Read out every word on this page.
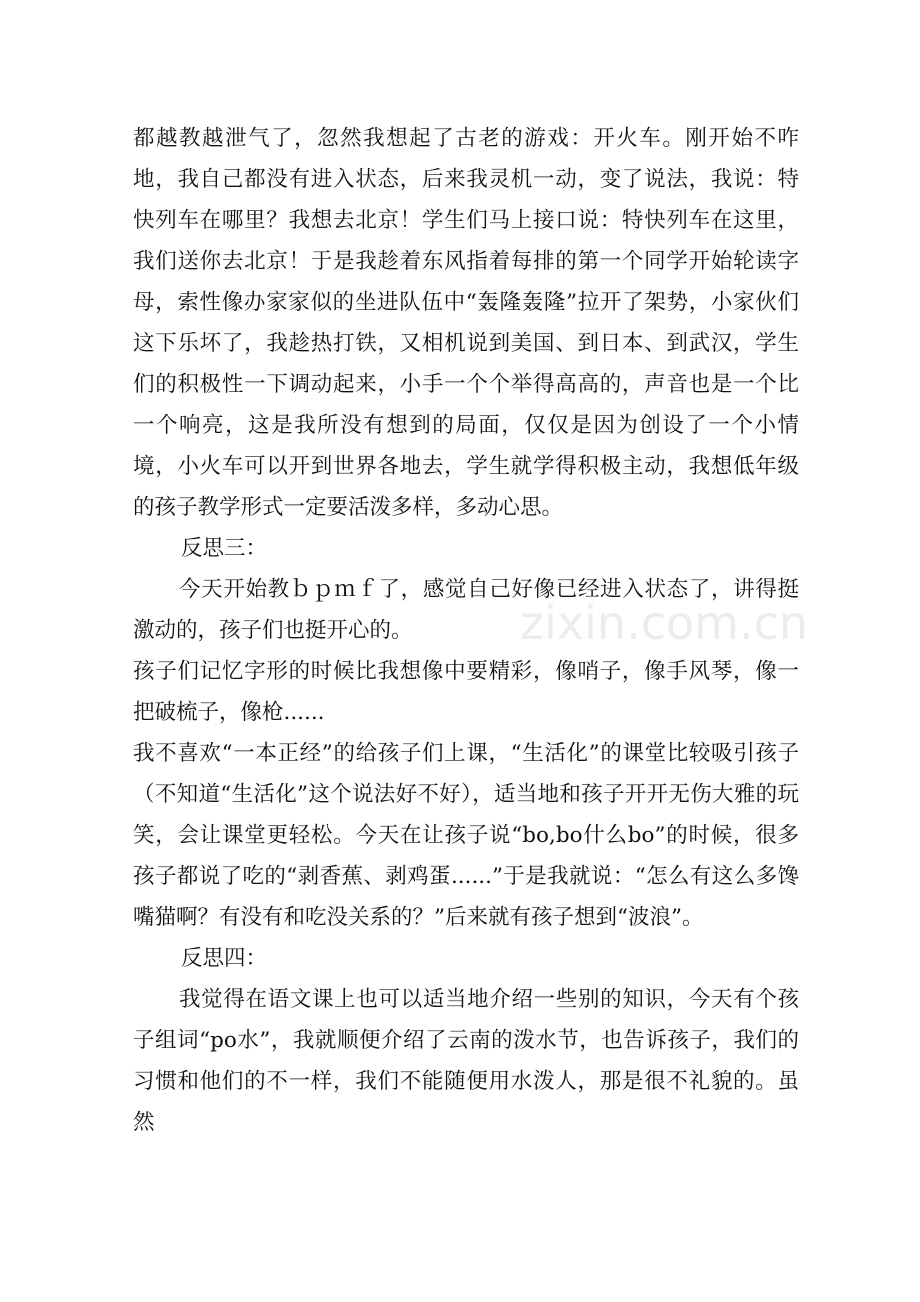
zixin.com.cn

都越教越泄气了，忽然我想起了古老的游戏：开火车。刚开始不咋地，我自己都没有进入状态，后来我灵机一动，变了说法，我说：特快列车在哪里？我想去北京！学生们马上接口说：特快列车在这里，我们送你去北京！于是我趁着东风指着每排的第一个同学开始轮读字母，索性像办家家似的坐进队伍中“轰隆轰隆”拉开了架势，小家伙们这下乐坏了，我趁热打铁，又相机说到美国、到日本、到武汉，学生们的积极性一下调动起来，小手一个个举得高高的，声音也是一个比一个响亮，这是我所没有想到的局面，仅仅是因为创设了一个小情境，小火车可以开到世界各地去，学生就学得积极主动，我想低年级的孩子教学形式一定要活泼多样，多动心思。

反思三：

今天开始教ｂｐｍｆ了，感觉自己好像已经进入状态了，讲得挺激动的，孩子们也挺开心的。

孩子们记忆字形的时候比我想像中要精彩，像哨子，像手风琴，像一把破梳子，像枪......

我不喜欢“一本正经”的给孩子们上课，“生活化”的课堂比较吸引孩子（不知道“生活化”这个说法好不好），适当地和孩子开开无伤大雅的玩笑，会让课堂更轻松。今天在让孩子说“bo,bo什么bo”的时候，很多孩子都说了吃的“剥香蕉、剥鸡蛋......”于是我就说：“怎么有这么多馋嘴猫啊？有没有和吃没关系的？”后来就有孩子想到“波浪”。

反思四：

我觉得在语文课上也可以适当地介绍一些别的知识，今天有个孩子组词“po水”，我就顺便介绍了云南的泼水节，也告诉孩子，我们的习惯和他们的不一样，我们不能随便用水泼人，那是很不礼貌的。虽然
